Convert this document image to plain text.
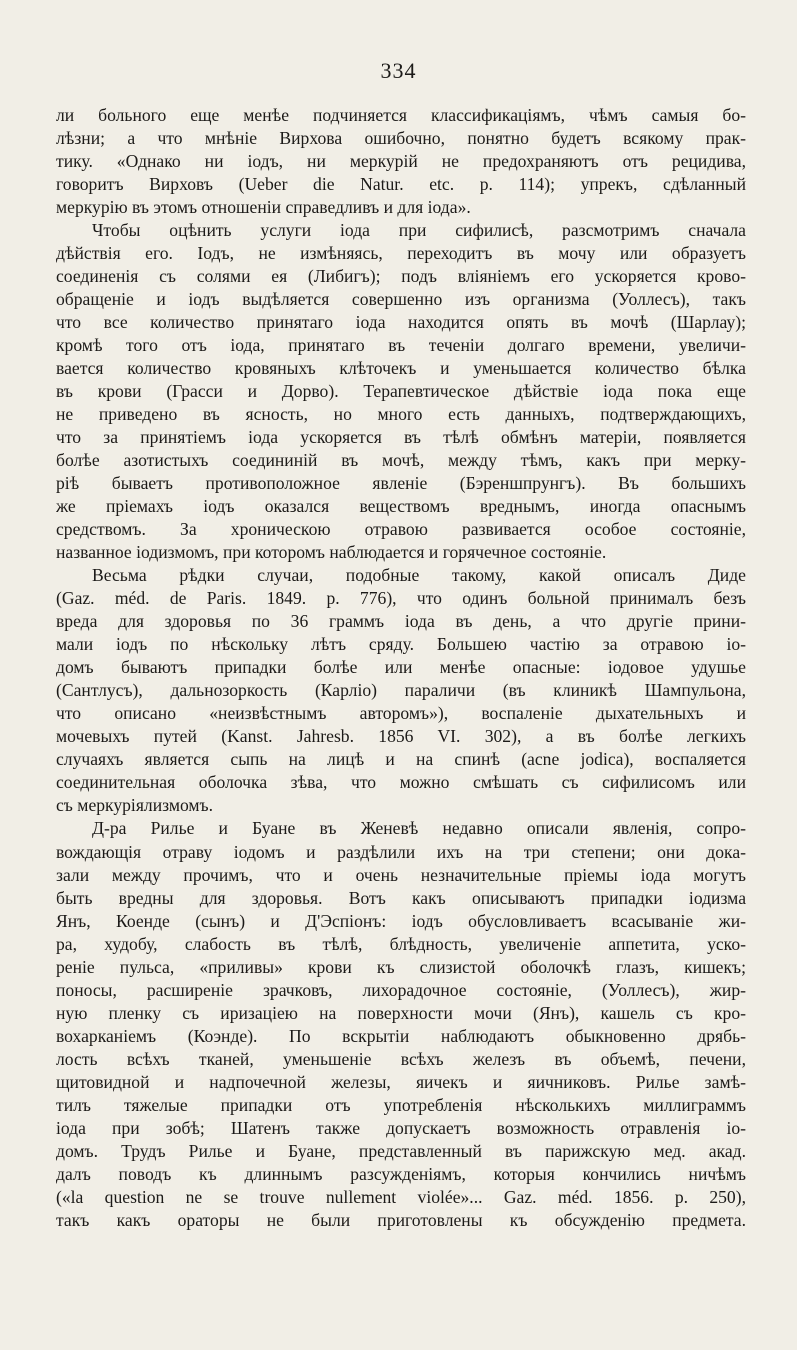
334
ли больного еще менѣе подчиняется классификаціямъ, чѣмъ самыя бо-
лѣзни; а что мнѣніе Вирхова ошибочно, понятно будетъ всякому прак-
тику. «Однако ни іодъ, ни меркурій не предохраняютъ отъ рецидива,
говоритъ Вирховъ (Ueber die Natur. etc. p. 114); упрекъ, сдѣланный
меркурію въ этомъ отношеніи справедливъ и для іода».
Чтобы оцѣнить услуги іода при сифилисѣ, разсмотримъ сначала
дѣйствія его. Іодъ, не измѣняясь, переходитъ въ мочу или образуетъ
соединенія съ солями ея (Либигъ); подъ вліяніемъ его ускоряется крово-
обращеніе и іодъ выдѣляется совершенно изъ организма (Уоллесъ), такъ
что все количество принятаго іода находится опять въ мочѣ (Шарлау);
кромѣ того отъ іода, принятаго въ теченіи долгаго времени, увеличи-
вается количество кровяныхъ клѣточекъ и уменьшается количество бѣлка
въ крови (Грасси и Дорво). Терапевтическое дѣйствіе іода пока еще
не приведено въ ясность, но много есть данныхъ, подтверждающихъ,
что за принятіемъ іода ускоряется въ тѣлѣ обмѣнъ матеріи, появляется
болѣе азотистыхъ соедининій въ мочѣ, между тѣмъ, какъ при мерку-
ріѣ бываетъ противоположное явленіе (Бэреншпрунгъ). Въ большихъ
же пріемахъ іодъ оказался веществомъ вреднымъ, иногда опаснымъ
средствомъ. За хроническою отравою развивается особое состояніе,
названное іодизмомъ, при которомъ наблюдается и горячечное состояніе.
Весьма рѣдки случаи, подобные такому, какой описалъ Диде
(Gaz. méd. de Paris. 1849. p. 776), что одинъ больной принималъ безъ
вреда для здоровья по 36 граммъ іода въ день, а что другіе прини-
мали іодъ по нѣскольку лѣтъ сряду. Большею частію за отравою іо-
домъ бываютъ припадки болѣе или менѣе опасные: іодовое удушье
(Сантлусъ), дальнозоркость (Карліо) параличи (въ клиникѣ Шампульона,
что описано «неизвѣстнымъ авторомъ»), воспаленіе дыхательныхъ и
мочевыхъ путей (Kanst. Jahresb. 1856 VI. 302), а въ болѣе легкихъ
случаяхъ является сыпь на лицѣ и на спинѣ (acne jodica), воспаляется
соединительная оболочка зѣва, что можно смѣшать съ сифилисомъ или
съ меркуріялизмомъ.
Д-ра Рилье и Буане въ Женевѣ недавно описали явленія, сопро-
вождающія отраву іодомъ и раздѣлили ихъ на три степени; они дока-
зали между прочимъ, что и очень незначительные пріемы іода могутъ
быть вредны для здоровья. Вотъ какъ описываютъ припадки іодизма
Янъ, Коенде (сынъ) и Д'Эспіонъ: іодъ обусловливаетъ всасываніе жи-
ра, худобу, слабость въ тѣлѣ, блѣдность, увеличеніе аппетита, уско-
реніе пульса, «приливы» крови къ слизистой оболочкѣ глазъ, кишекъ;
поносы, расширеніе зрачковъ, лихорадочное состояніе, (Уоллесъ), жир-
ную пленку съ иризаціею на поверхности мочи (Янъ), кашель съ кро-
вохарканіемъ (Коэнде). По вскрытіи наблюдаютъ обыкновенно дрябь-
лость всѣхъ тканей, уменьшеніе всѣхъ железъ въ объемѣ, печени,
щитовидной и надпочечной железы, яичекъ и яичниковъ. Рилье замѣ-
тилъ тяжелые припадки отъ употребленія нѣсколькихъ миллиграммъ
іода при зобѣ; Шатенъ также допускаетъ возможность отравленія іо-
домъ. Трудъ Рилье и Буане, представленный въ парижскую мед. акад.
далъ поводъ къ длиннымъ разсужденіямъ, которыя кончились ничѣмъ
(«la question ne se trouve nullement violée»... Gaz. méd. 1856. p. 250),
такъ какъ ораторы не были приготовлены къ обсужденію предмета.
